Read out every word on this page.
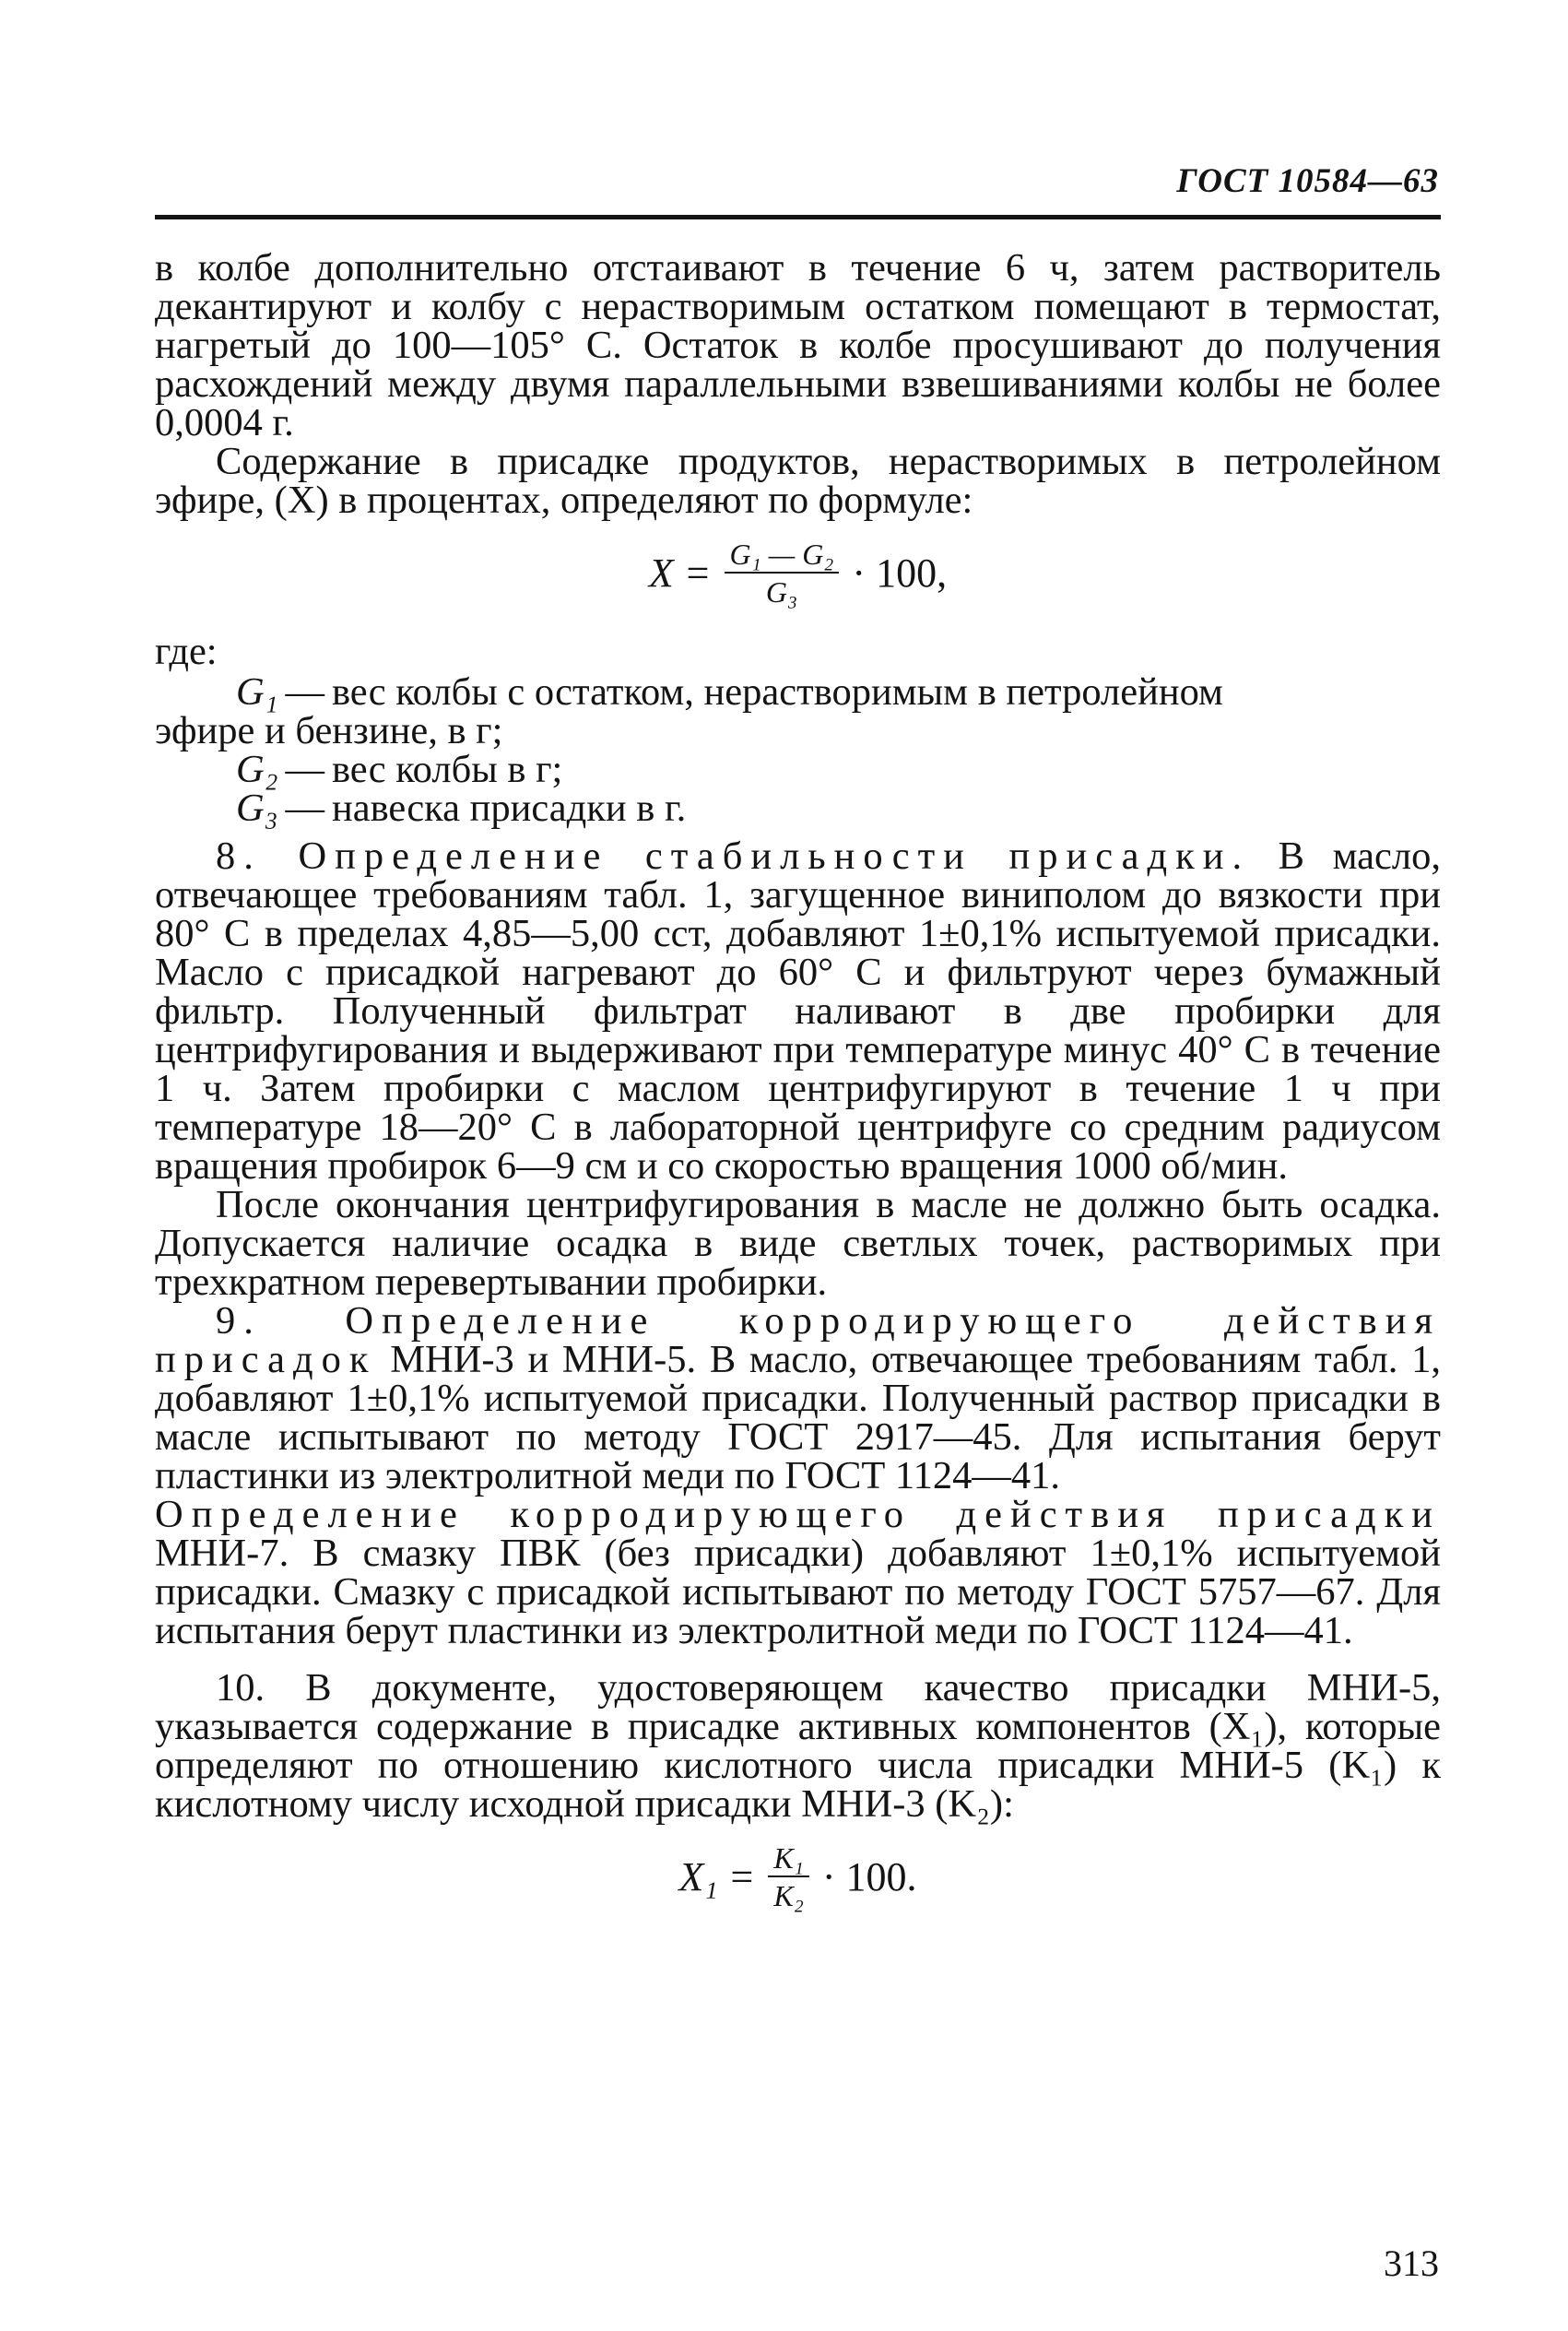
ГОСТ 10584—63

в колбе дополнительно отстаивают в течение 6 ч, затем растворитель декантируют и колбу с нерастворимым остатком помещают в термостат, нагретый до 100—105° С. Остаток в колбе просушивают до получения расхождений между двумя параллельными взвешиваниями колбы не более 0,0004 г.

Содержание в присадке продуктов, нерастворимых в петролейном эфире, (X) в процентах, определяют по формуле:

$X = \frac{\text{G₁ — G₂}}{\text{G₃}} \cdot 100$,

где:

G₁ — вес колбы с остатком, нерастворимым в петролейном

эфире и бензине, в г;

G₂ — вес колбы в г;
G₃ — навеска присадки в г.

8. Определение стабильности присадки. В масло, отвечающее требованиям табл. 1, загущенное виниполом до вязкости при 80° С в пределах 4,85—5,00 сст, добавляют 1±0,1% испытуемой присадки. Масло с присадкой нагревают до 60° С и фильтруют через бумажный фильтр. Полученный фильтрат наливают в две пробирки для центрифугирования и выдерживают при температуре минус 40° С в течение 1 ч. Затем пробирки с маслом центрифугируют в течение 1 ч при температуре 18—20° С в лабораторной центрифуге со средним радиусом вращения пробирок 6—9 см и со скоростью вращения 1000 об/мин.

После окончания центрифугирования в масле не должно быть осадка. Допускается наличие осадка в виде светлых точек, растворимых при трехкратном перевертывании пробирки.

9. Определение корродирующего действия присадок МНИ-3 и МНИ-5. В масло, отвечающее требованиям табл. 1, добавляют 1±0,1% испытуемой присадки. Полученный раствор присадки в масле испытывают по методу ГОСТ 2917—45. Для испытания берут пластинки из электролитной меди по ГОСТ 1124—41.

Определение корродирующего действия присадки МНИ-7. В смазку ПВК (без присадки) добавляют 1±0,1% испытуемой присадки. Смазку с присадкой испытывают по методу ГОСТ 5757—67. Для испытания берут пластинки из электролитной меди по ГОСТ 1124—41.

10. В документе, удостоверяющем качество присадки МНИ-5, указывается содержание в присадке активных компонентов (X₁), которые определяют по отношению кислотного числа присадки МНИ-5 (K₁) к кислотному числу исходной присадки МНИ-3 (K₂):

$X_1 = \frac{\text{K₁}}{\text{K₂}} \cdot 100$.
313
